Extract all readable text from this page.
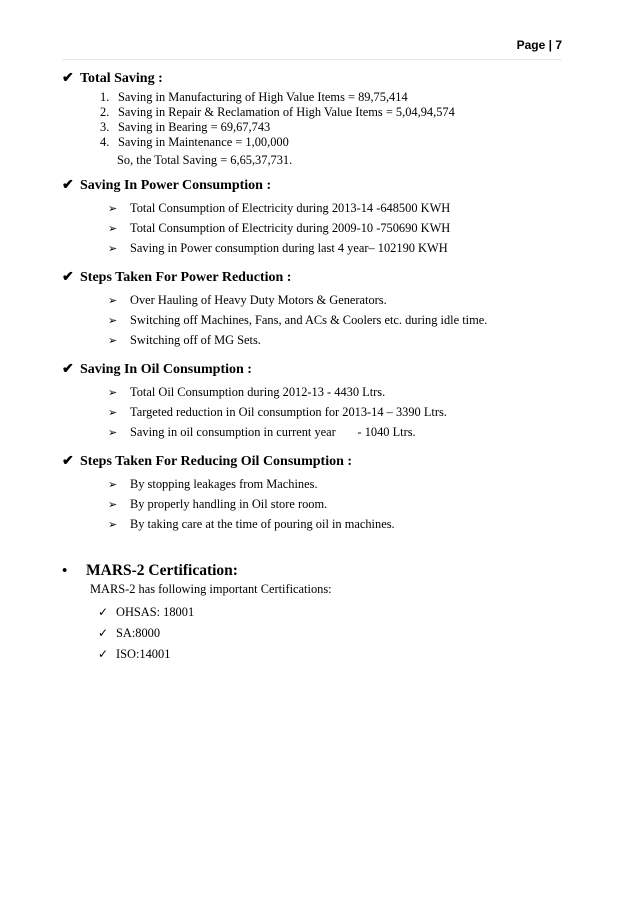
Page | 7
✔ Total Saving :
1. Saving in Manufacturing of High Value Items = 89,75,414
2. Saving in Repair & Reclamation of High Value Items = 5,04,94,574
3. Saving in Bearing = 69,67,743
4. Saving in Maintenance = 1,00,000
So, the Total Saving = 6,65,37,731.
✔ Saving In Power Consumption :
➢ Total Consumption of Electricity during 2013-14 -648500 KWH
➢ Total Consumption of Electricity during 2009-10 -750690 KWH
➢ Saving in Power consumption during last 4 year– 102190 KWH
✔ Steps Taken For Power Reduction :
➢ Over Hauling of Heavy Duty Motors & Generators.
➢ Switching off Machines, Fans, and ACs & Coolers etc. during idle time.
➢ Switching off of MG Sets.
✔ Saving In Oil Consumption :
➢ Total Oil Consumption during 2012-13 - 4430 Ltrs.
➢ Targeted reduction in Oil consumption for 2013-14 – 3390 Ltrs.
➢ Saving in oil consumption in current year       - 1040 Ltrs.
✔ Steps Taken For Reducing Oil Consumption :
➢ By stopping leakages from Machines.
➢ By properly handling in Oil store room.
➢ By taking care at the time of pouring oil in machines.
•	MARS-2 Certification:
MARS-2 has following important Certifications:
✓ OHSAS: 18001
✓ SA:8000
✓ ISO:14001
